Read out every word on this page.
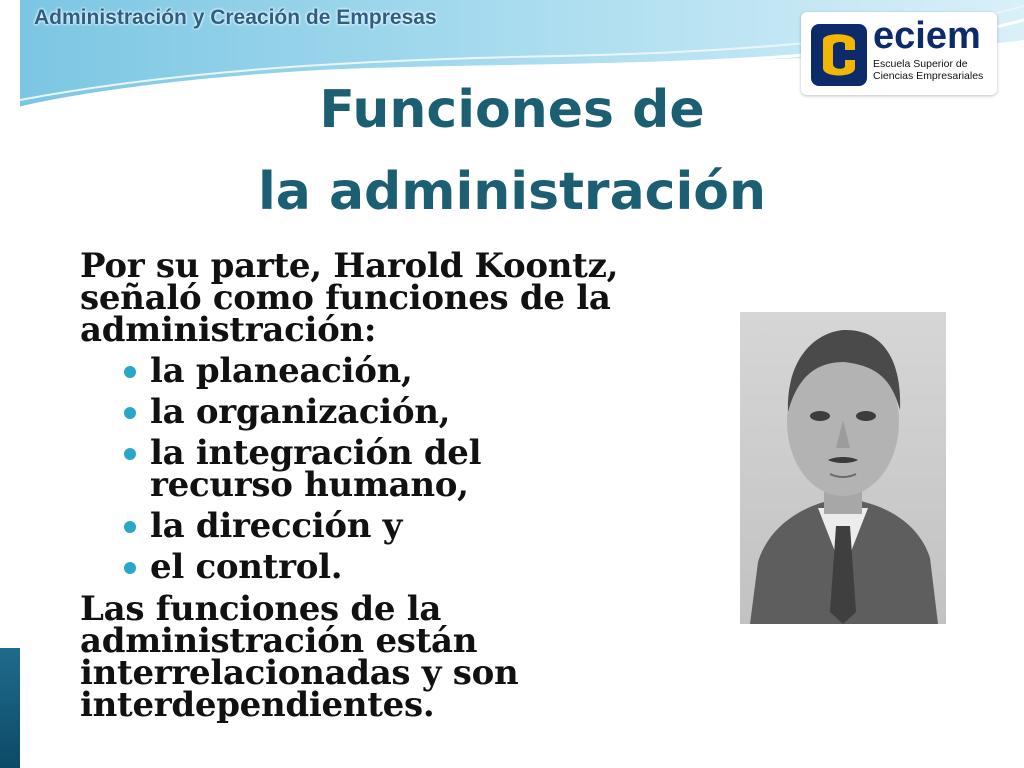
Administración y Creación de Empresas	eciem
Escuela Superior de
Ciencias Empresariales
Funciones de
la administración
Por su parte, Harold Koontz,
señaló como funciones de la
administración:
la planeación,
la organización,
la integración del recurso humano,
la dirección y
el control.
Las funciones de la
administración están
interrelacionadas y son
interdependientes.
